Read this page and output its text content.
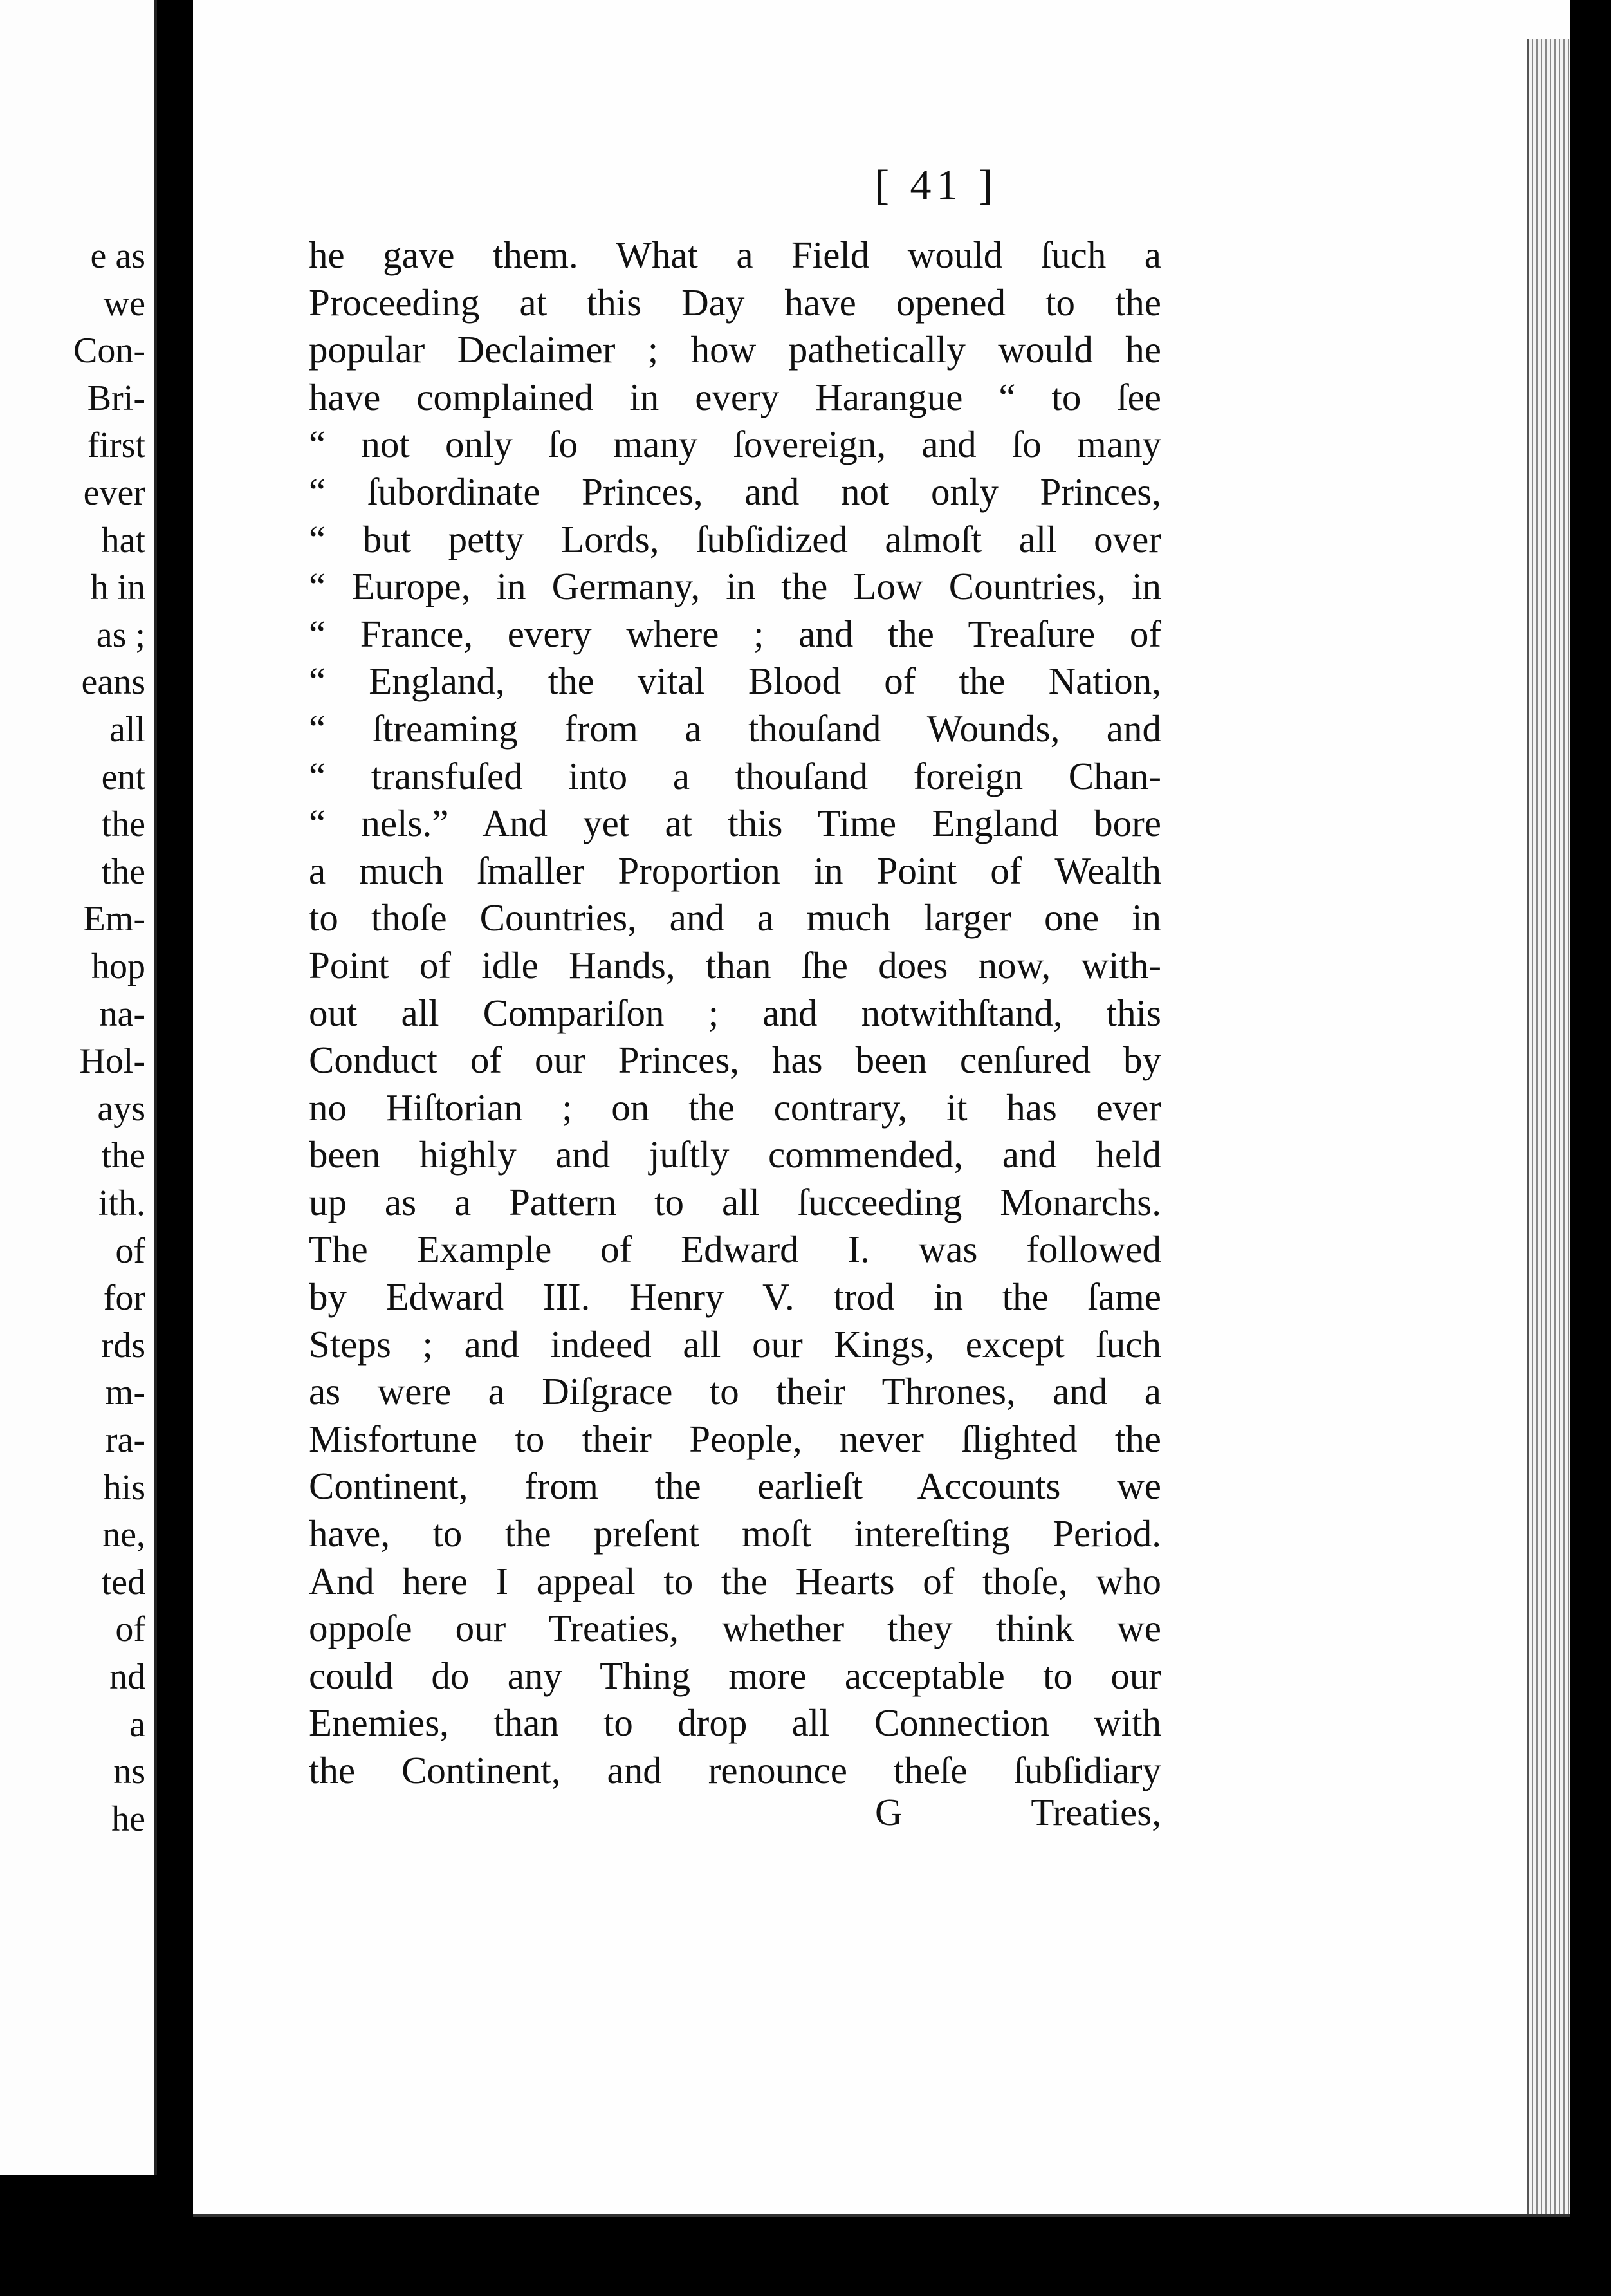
e as
we
Con-
Bri-
first
ever
hat
h in
as ;
eans
all
ent
the
the
Em-
hop
na-
Hol-
ays
the
ith.
of
for
rds
m-
ra-
his
ne,
ted
of
nd
a
ns
he
[ 41 ]
he gave them. What a Field would ſuch a
Proceeding at this Day have opened to the
popular Declaimer ; how pathetically would he
have complained in every Harangue “ to ſee
“ not only ſo many ſovereign, and ſo many
“ ſubordinate Princes, and not only Princes,
“ but petty Lords, ſubſidized almoſt all over
“ Europe, in Germany, in the Low Countries, in
“ France, every where ; and the Treaſure of
“ England, the vital Blood of the Nation,
“ ſtreaming from a thouſand Wounds, and
“ transfuſed into a thouſand foreign Chan-
“ nels.” And yet at this Time England bore
a much ſmaller Proportion in Point of Wealth
to thoſe Countries, and a much larger one in
Point of idle Hands, than ſhe does now, with-
out all Compariſon ; and notwithſtand, this
Conduct of our Princes, has been cenſured by
no Hiſtorian ; on the contrary, it has ever
been highly and juſtly commended, and held
up as a Pattern to all ſucceeding Monarchs.
The Example of Edward I. was followed
by Edward III. Henry V. trod in the ſame
Steps ; and indeed all our Kings, except ſuch
as were a Diſgrace to their Thrones, and a
Misfortune to their People, never ſlighted the
Continent, from the earlieſt Accounts we
have, to the preſent moſt intereſting Period.
And here I appeal to the Hearts of thoſe, who
oppoſe our Treaties, whether they think we
could do any Thing more acceptable to our
Enemies, than to drop all Connection with
the Continent, and renounce theſe ſubſidiary
G	Treaties,
